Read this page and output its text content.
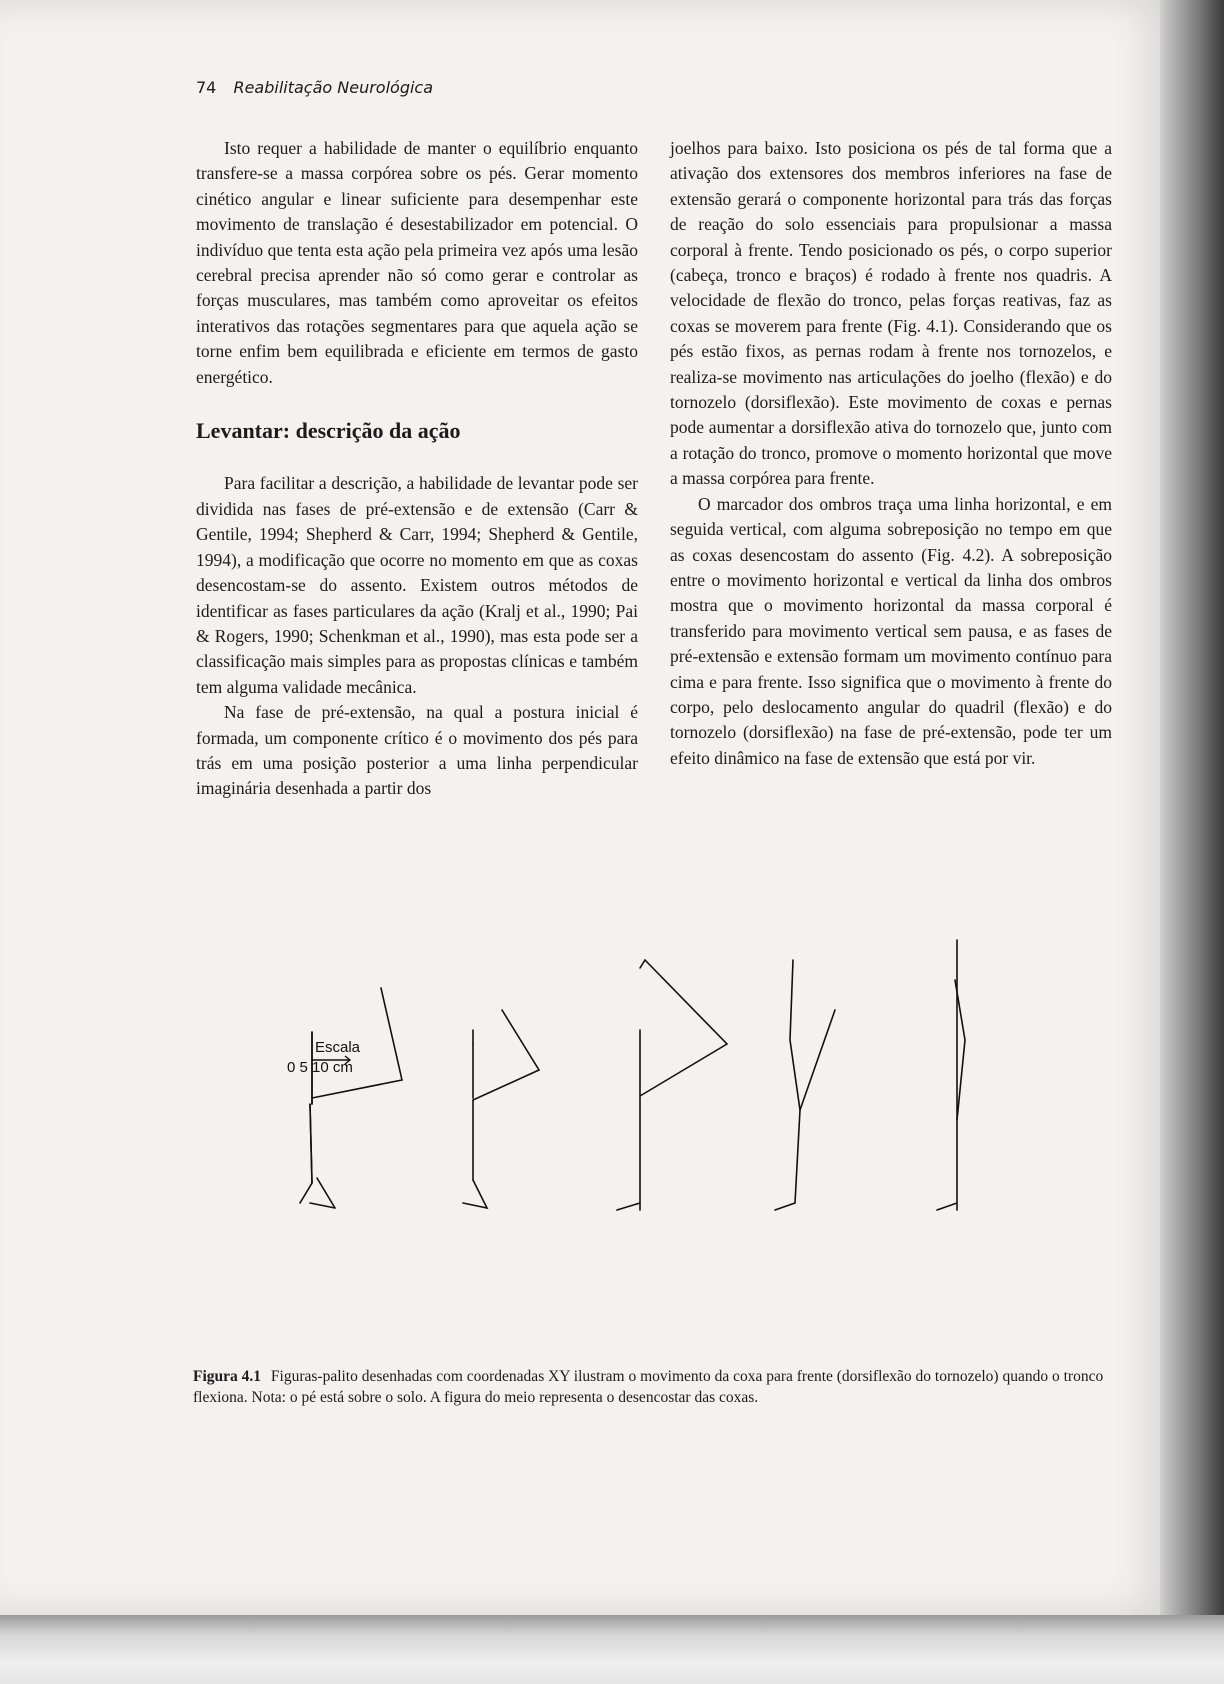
74 Reabilitação Neurológica

Isto requer a habilidade de manter o equilíbrio enquanto transfere-se a massa corpórea sobre os pés. Gerar momento cinético angular e linear suficiente para desempenhar este movimento de translação é desestabilizador em potencial. O indivíduo que tenta esta ação pela primeira vez após uma lesão cerebral precisa aprender não só como gerar e controlar as forças musculares, mas também como aproveitar os efeitos interativos das rotações segmentares para que aquela ação se torne enfim bem equilibrada e eficiente em termos de gasto energético.

Levantar: descrição da ação

Para facilitar a descrição, a habilidade de levantar pode ser dividida nas fases de pré-extensão e de extensão (Carr & Gentile, 1994; Shepherd & Carr, 1994; Shepherd & Gentile, 1994), a modificação que ocorre no momento em que as coxas desencostam-se do assento. Existem outros métodos de identificar as fases particulares da ação (Kralj et al., 1990; Pai & Rogers, 1990; Schenkman et al., 1990), mas esta pode ser a classificação mais simples para as propostas clínicas e também tem alguma validade mecânica.

Na fase de pré-extensão, na qual a postura inicial é formada, um componente crítico é o movimento dos pés para trás em uma posição posterior a uma linha perpendicular imaginária desenhada a partir dos

joelhos para baixo. Isto posiciona os pés de tal forma que a ativação dos extensores dos membros inferiores na fase de extensão gerará o componente horizontal para trás das forças de reação do solo essenciais para propulsionar a massa corporal à frente. Tendo posicionado os pés, o corpo superior (cabeça, tronco e braços) é rodado à frente nos quadris. A velocidade de flexão do tronco, pelas forças reativas, faz as coxas se moverem para frente (Fig. 4.1). Considerando que os pés estão fixos, as pernas rodam à frente nos tornozelos, e realiza-se movimento nas articulações do joelho (flexão) e do tornozelo (dorsiflexão). Este movimento de coxas e pernas pode aumentar a dorsiflexão ativa do tornozelo que, junto com a rotação do tronco, promove o momento horizontal que move a massa corpórea para frente.

O marcador dos ombros traça uma linha horizontal, e em seguida vertical, com alguma sobreposição no tempo em que as coxas desencostam do assento (Fig. 4.2). A sobreposição entre o movimento horizontal e vertical da linha dos ombros mostra que o movimento horizontal da massa corporal é transferido para movimento vertical sem pausa, e as fases de pré-extensão e extensão formam um movimento contínuo para cima e para frente. Isso significa que o movimento à frente do corpo, pelo deslocamento angular do quadril (flexão) e do tornozelo (dorsiflexão) na fase de pré-extensão, pode ter um efeito dinâmico na fase de extensão que está por vir.

Escala
0 5 10 cm
Figura 4.1 Figuras-palito desenhadas com coordenadas XY ilustram o movimento da coxa para frente (dorsiflexão do tornozelo) quando o tronco flexiona. Nota: o pé está sobre o solo. A figura do meio representa o desencostar das coxas.
